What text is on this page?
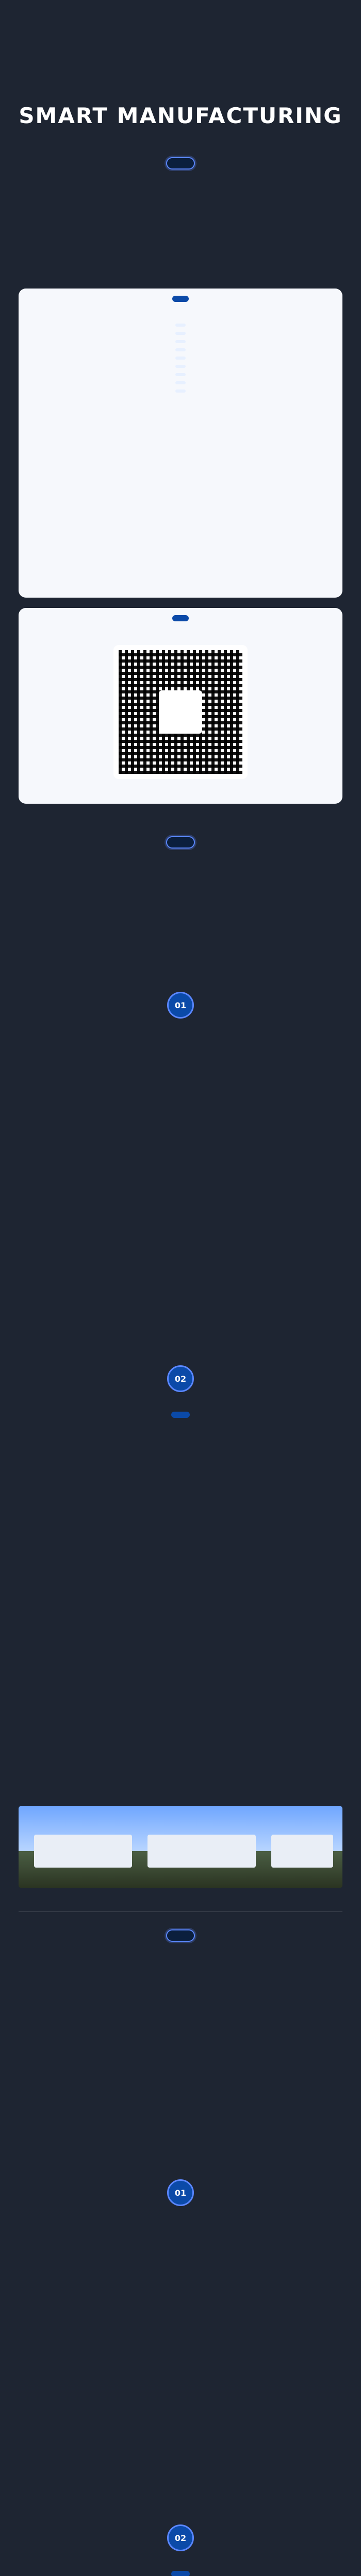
SMART MANUFACTURING

01
02

01
02
